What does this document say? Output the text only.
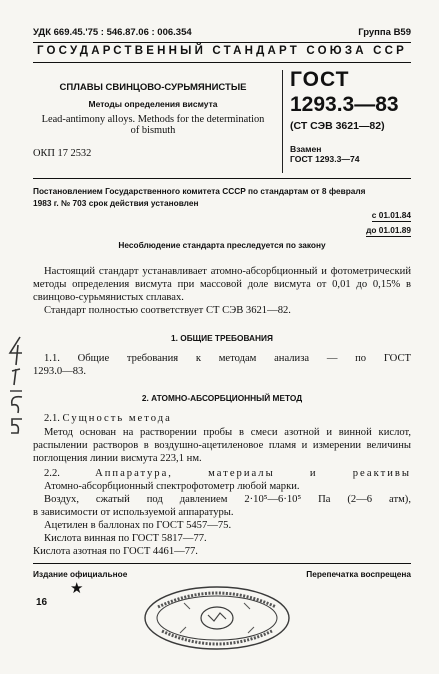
УДК 669.45.'75 : 546.87.06 : 006.354	Группа В59
ГОСУДАРСТВЕННЫЙ СТАНДАРТ СОЮЗА ССР
СПЛАВЫ СВИНЦОВО-СУРЬМЯНИСТЫЕ
Методы определения висмута
Lead-antimony alloys. Methods for the determination
of bismuth
ОКП 17 2532
ГОСТ
1293.3—83
(СТ СЭВ 3621—82)
Взамен
ГОСТ 1293.3—74
Постановлением Государственного комитета СССР по стандартам от 8 февраля
1983 г. № 703 срок действия установлен
с 01.01.84
до 01.01.89
Несоблюдение стандарта преследуется по закону
Настоящий стандарт устанавливает атомно-абсорбционный и фотометрический методы определения висмута при массовой доле висмута от 0,01 до 0,15% в свинцово-сурьмянистых сплавах.
Стандарт полностью соответствует СТ СЭВ 3621—82.
1. ОБЩИЕ ТРЕБОВАНИЯ
1.1. Общие требования к методам анализа — по ГОСТ
1293.0—83.
2. АТОМНО-АБСОРБЦИОННЫЙ МЕТОД
2.1. Сущность метода
Метод основан на растворении пробы в смеси азотной и винной кислот, распылении растворов в воздушно-ацетиленовое пламя и измерении величины поглощения линии висмута 223,1 нм.
2.2.	Аппаратура,	материалы	и	реактивы
Атомно-абсорбционный спектрофотометр любой марки.
Воздух, сжатый под давлением 2·10⁵—6·10⁵ Па (2—6 атм),
в зависимости от используемой аппаратуры.
Ацетилен в баллонах по ГОСТ 5457—75.
Кислота винная по ГОСТ 5817—77.
Кислота азотная по ГОСТ 4461—77.
Издание официальное	Перепечатка воспрещена
★
16
